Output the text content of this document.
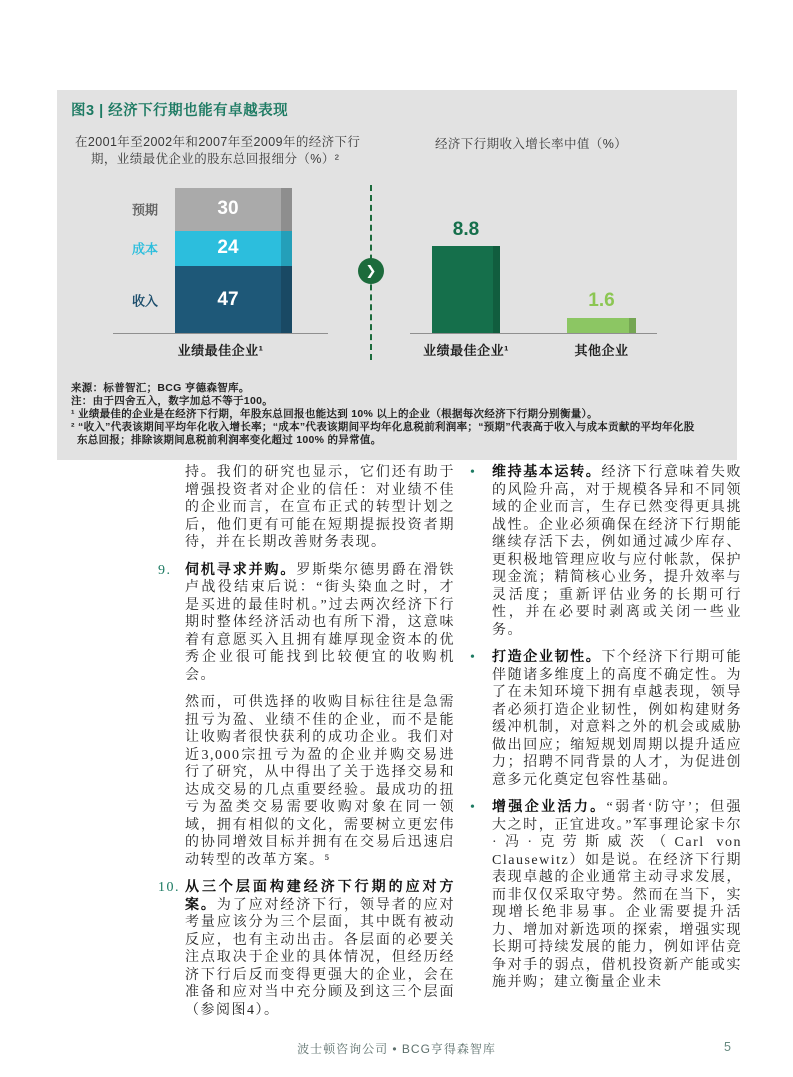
图3 | 经济下行期也能有卓越表现
在2001年至2002年和2007年至2009年的经济下行
期，业绩最优企业的股东总回报细分（%）²
经济下行期收入增长率中值（%）
预期	30
成本	24
收入	47
业绩最佳企业¹
❯
8.8
1.6
业绩最佳企业¹	其他企业
来源：标普智汇；BCG 亨德森智库。
注：由于四舍五入，数字加总不等于100。
¹ 业绩最佳的企业是在经济下行期，年股东总回报也能达到 10% 以上的企业（根据每次经济下行期分别衡量）。
² “收入”代表该期间平均年化收入增长率；“成本”代表该期间平均年化息税前利润率；“预期”代表高于收入与成本贡献的平均年化股东总回报；排除该期间息税前利润率变化超过 100% 的异常值。

持。我们的研究也显示，它们还有助于增强投资者对企业的信任：对业绩不佳的企业而言，在宣布正式的转型计划之后，他们更有可能在短期提振投资者期待，并在长期改善财务表现。

9. 伺机寻求并购。罗斯柴尔德男爵在滑铁卢战役结束后说：“街头染血之时，才是买进的最佳时机。”过去两次经济下行期时整体经济活动也有所下滑，这意味着有意愿买入且拥有雄厚现金资本的优秀企业很可能找到比较便宜的收购机会。

然而，可供选择的收购目标往往是急需扭亏为盈、业绩不佳的企业，而不是能让收购者很快获利的成功企业。我们对近3,000宗扭亏为盈的企业并购交易进行了研究，从中得出了关于选择交易和达成交易的几点重要经验。最成功的扭亏为盈类交易需要收购对象在同一领域，拥有相似的文化，需要树立更宏伟的协同增效目标并拥有在交易后迅速启动转型的改革方案。⁵

10. 从三个层面构建经济下行期的应对方案。为了应对经济下行，领导者的应对考量应该分为三个层面，其中既有被动反应，也有主动出击。各层面的必要关注点取决于企业的具体情况，但经历经济下行后反而变得更强大的企业，会在准备和应对当中充分顾及到这三个层面（参阅图4）。
•	维持基本运转。经济下行意味着失败的风险升高，对于规模各异和不同领域的企业而言，生存已然变得更具挑战性。企业必须确保在经济下行期能继续存活下去，例如通过减少库存、更积极地管理应收与应付帐款，保护现金流；精简核心业务，提升效率与灵活度；重新评估业务的长期可行性，并在必要时剥离或关闭一些业务。
•	打造企业韧性。下个经济下行期可能伴随诸多维度上的高度不确定性。为了在未知环境下拥有卓越表现，领导者必须打造企业韧性，例如构建财务缓冲机制，对意料之外的机会或威胁做出回应；缩短规划周期以提升适应力；招聘不同背景的人才，为促进创意多元化奠定包容性基础。
•	增强企业活力。“弱者‘防守’；但强大之时，正宜进攻。”军事理论家卡尔·冯·克劳斯威茨（Carl von Clausewitz）如是说。在经济下行期表现卓越的企业通常主动寻求发展，而非仅仅采取守势。然而在当下，实现增长绝非易事。企业需要提升活力、增加对新选项的探索，增强实现长期可持续发展的能力，例如评估竞争对手的弱点，借机投资新产能或实施并购；建立衡量企业未
波士顿咨询公司 • BCG亨得森智库	5
